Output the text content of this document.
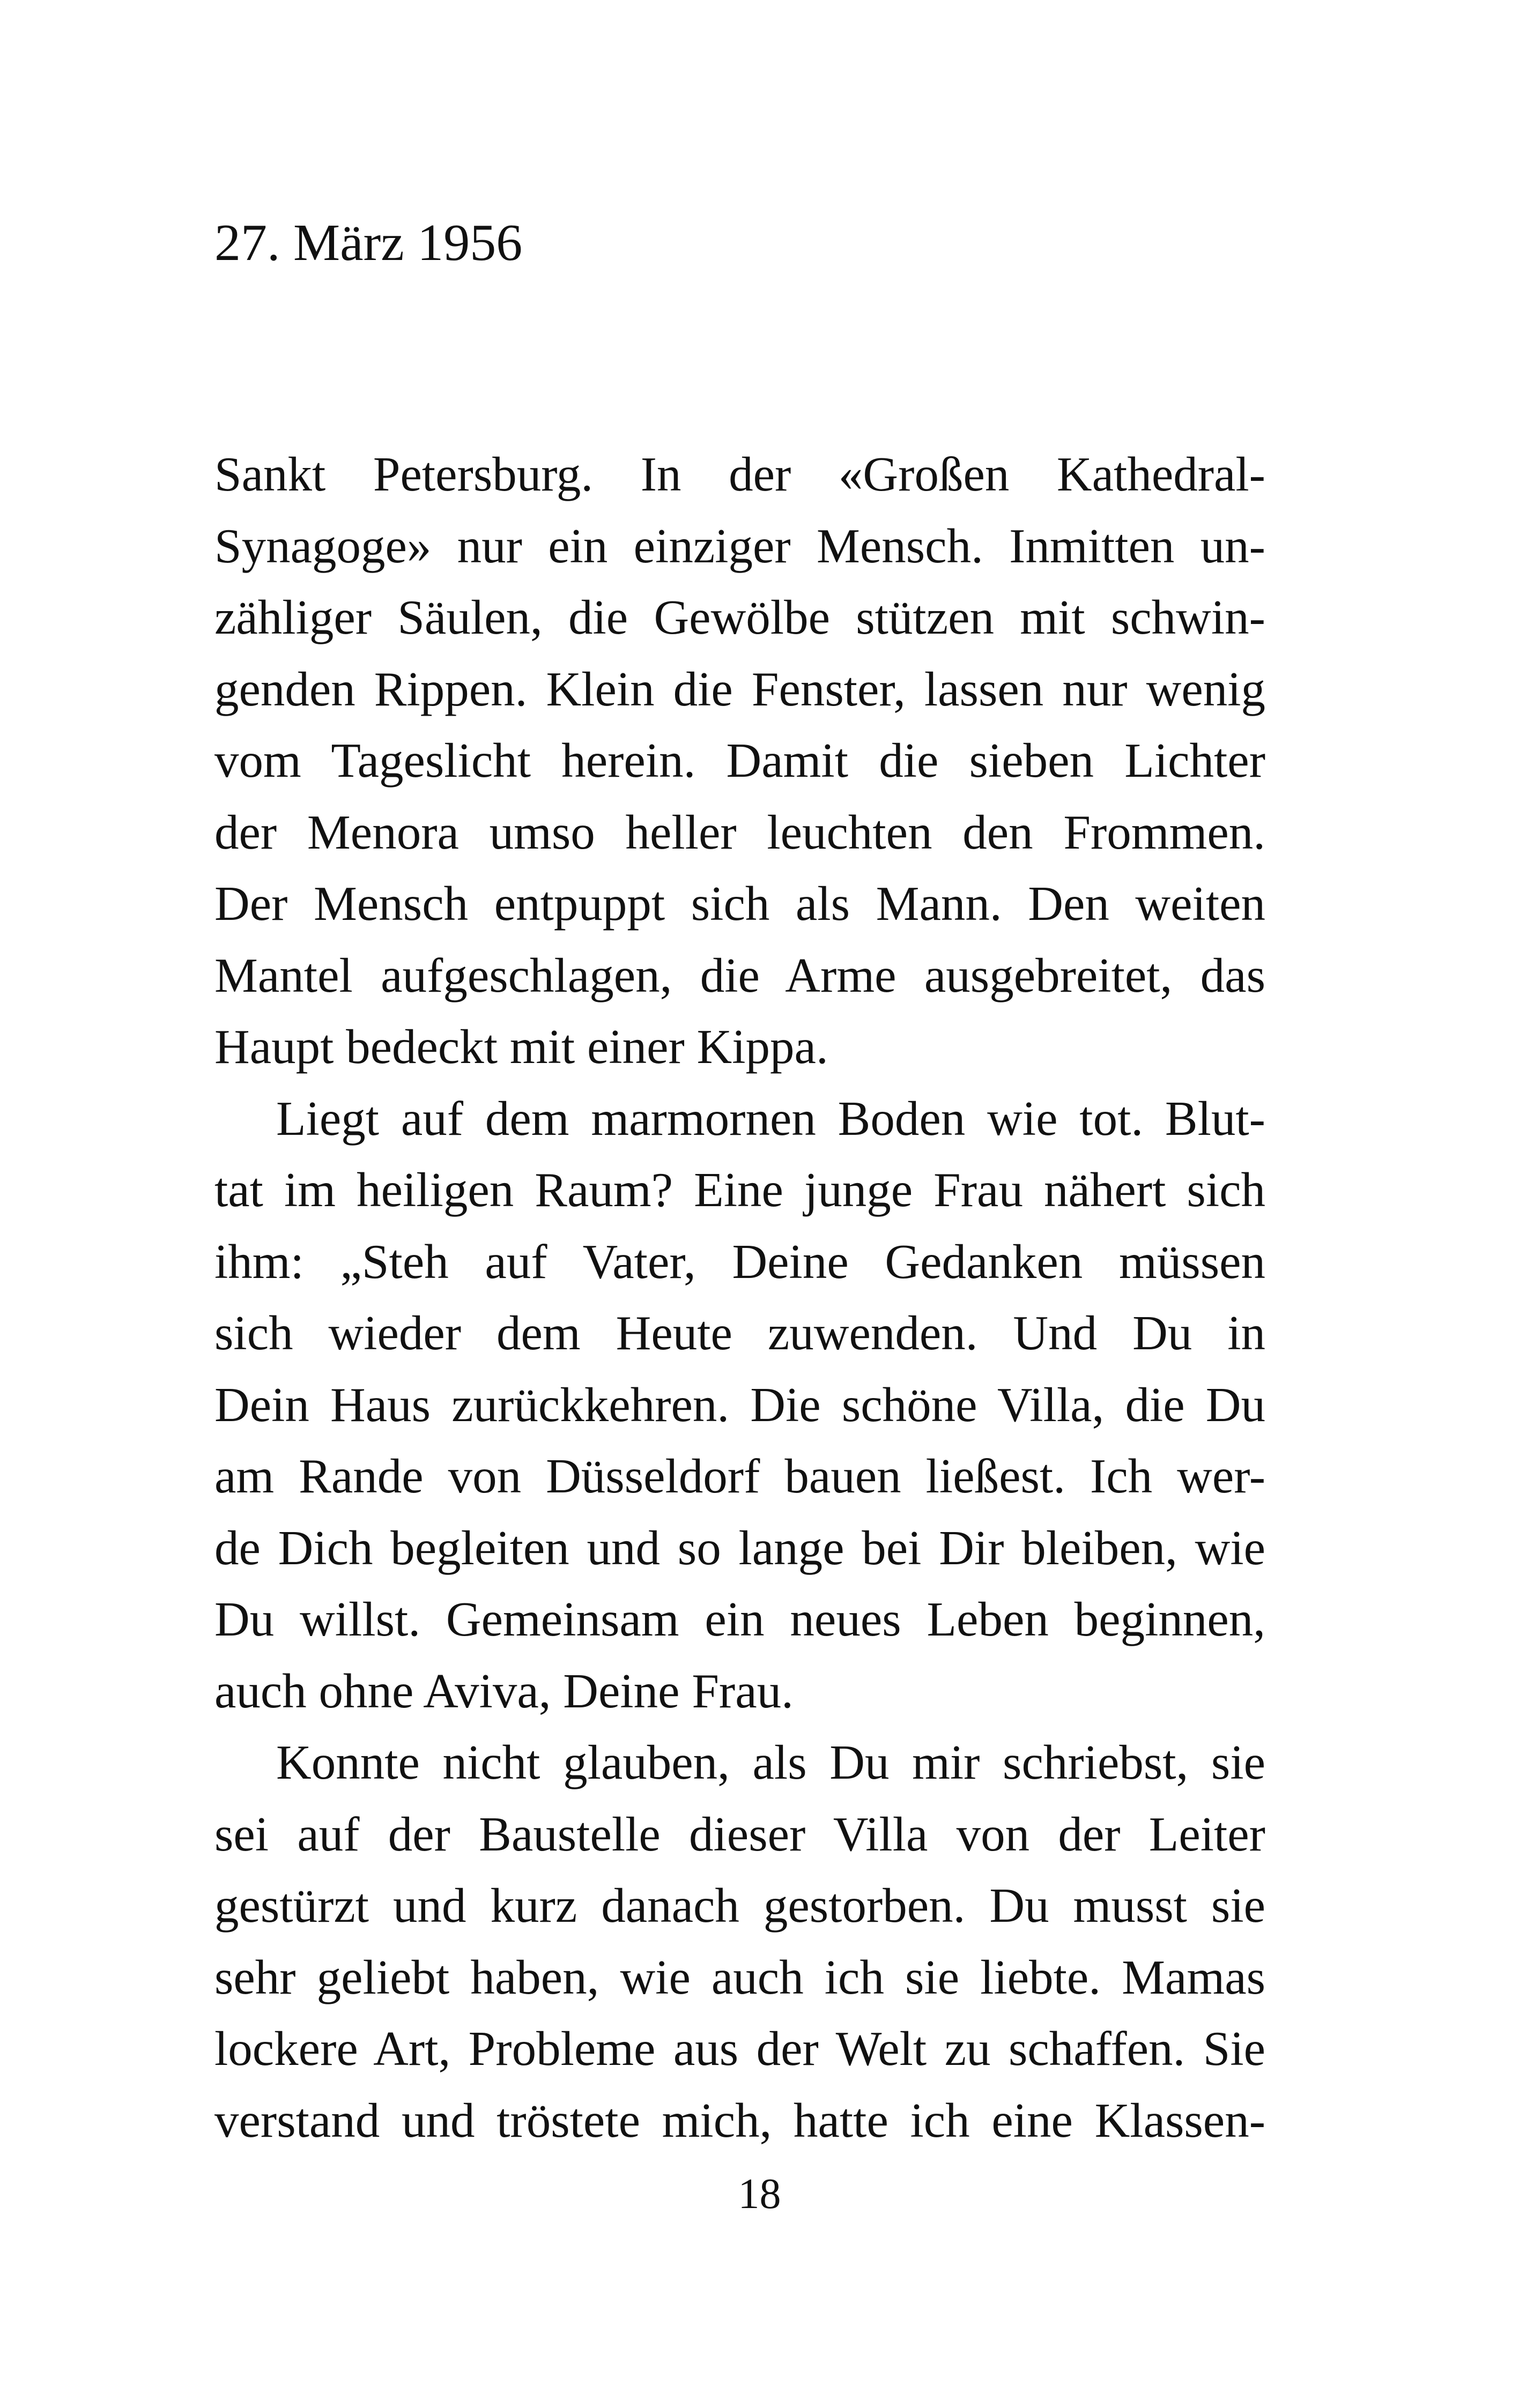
27. März 1956
Sankt Petersburg. In der «Großen Kathedral-
Synagoge» nur ein einziger Mensch. Inmitten un-
zähliger Säulen, die Gewölbe stützen mit schwin-
genden Rippen. Klein die Fenster, lassen nur wenig
vom Tageslicht herein. Damit die sieben Lichter
der Menora umso heller leuchten den Frommen.
Der Mensch entpuppt sich als Mann. Den weiten
Mantel aufgeschlagen, die Arme ausgebreitet, das
Haupt bedeckt mit einer Kippa.
Liegt auf dem marmornen Boden wie tot. Blut-
tat im heiligen Raum? Eine junge Frau nähert sich
ihm: „Steh auf Vater, Deine Gedanken müssen
sich wieder dem Heute zuwenden. Und Du in
Dein Haus zurückkehren. Die schöne Villa, die Du
am Rande von Düsseldorf bauen ließest. Ich wer-
de Dich begleiten und so lange bei Dir bleiben, wie
Du willst. Gemeinsam ein neues Leben beginnen,
auch ohne Aviva, Deine Frau.
Konnte nicht glauben, als Du mir schriebst, sie
sei auf der Baustelle dieser Villa von der Leiter
gestürzt und kurz danach gestorben. Du musst sie
sehr geliebt haben, wie auch ich sie liebte. Mamas
lockere Art, Probleme aus der Welt zu schaffen. Sie
verstand und tröstete mich, hatte ich eine Klassen-
18
